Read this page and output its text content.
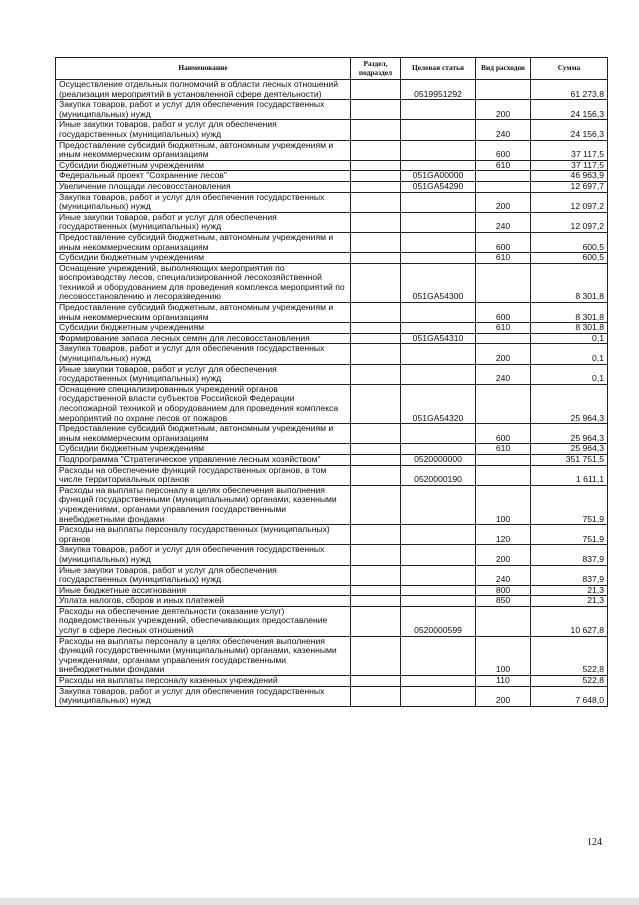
Наименование	Раздел, подраздел	Целевая статья	Вид расходов	Сумма
Осуществление отдельных полномочий в области лесных отношений (реализация мероприятий в установленной сфере деятельности)		0519951292		61 273,8
Закупка товаров, работ и услуг для обеспечения государственных (муниципальных) нужд			200	24 156,3
Иные закупки товаров, работ и услуг для обеспечения государственных (муниципальных) нужд			240	24 156,3
Предоставление субсидий бюджетным, автономным учреждениям и иным некоммерческим организациям			600	37 117,5
Субсидии бюджетным учреждениям			610	37 117,5
Федеральный проект "Сохранение лесов"		051GA00000		46 963,9
Увеличение площади лесовосстановления		051GA54290		12 697,7
Закупка товаров, работ и услуг для обеспечения государственных (муниципальных) нужд			200	12 097,2
Иные закупки товаров, работ и услуг для обеспечения государственных (муниципальных) нужд			240	12 097,2
Предоставление субсидий бюджетным, автономным учреждениям и иным некоммерческим организациям			600	600,5
Субсидии бюджетным учреждениям			610	600,5
Оснащение учреждений, выполняющих мероприятия по воспроизводству лесов, специализированной лесохозяйственной техникой и оборудованием для проведения комплекса мероприятий по лесовосстановлению и лесоразведению		051GA54300		8 301,8
Предоставление субсидий бюджетным, автономным учреждениям и иным некоммерческим организациям			600	8 301,8
Субсидии бюджетным учреждениям			610	8 301,8
Формирование запаса лесных семян для лесовосстановления		051GA54310		0,1
Закупка товаров, работ и услуг для обеспечения государственных (муниципальных) нужд			200	0,1
Иные закупки товаров, работ и услуг для обеспечения государственных (муниципальных) нужд			240	0,1
Оснащение специализированных учреждений органов государственной власти субъектов Российской Федерации лесопожарной техникой и оборудованием для проведения комплекса мероприятий по охране лесов от пожаров		051GA54320		25 964,3
Предоставление субсидий бюджетным, автономным учреждениям и иным некоммерческим организациям			600	25 964,3
Субсидии бюджетным учреждениям			610	25 964,3
Подпрограмма "Стратегическое управление лесным хозяйством"		0520000000		351 751,5
Расходы на обеспечение функций государственных органов, в том числе территориальных органов		0520000190		1 611,1
Расходы на выплаты персоналу в целях обеспечения выполнения функций государственными (муниципальными) органами, казенными учреждениями, органами управления государственными внебюджетными фондами			100	751,9
Расходы на выплаты персоналу государственных (муниципальных) органов			120	751,9
Закупка товаров, работ и услуг для обеспечения государственных (муниципальных) нужд			200	837,9
Иные закупки товаров, работ и услуг для обеспечения государственных (муниципальных) нужд			240	837,9
Иные бюджетные ассигнования			800	21,3
Уплата налогов, сборов и иных платежей			850	21,3
Расходы на обеспечение деятельности (оказание услуг) подведомственных учреждений, обеспечивающих предоставление услуг в сфере лесных отношений		0520000599		10 627,8
Расходы на выплаты персоналу в целях обеспечения выполнения функций государственными (муниципальными) органами, казенными учреждениями, органами управления государственными внебюджетными фондами			100	522,8
Расходы на выплаты персоналу казенных учреждений			110	522,8
Закупка товаров, работ и услуг для обеспечения государственных (муниципальных) нужд			200	7 648,0
124
